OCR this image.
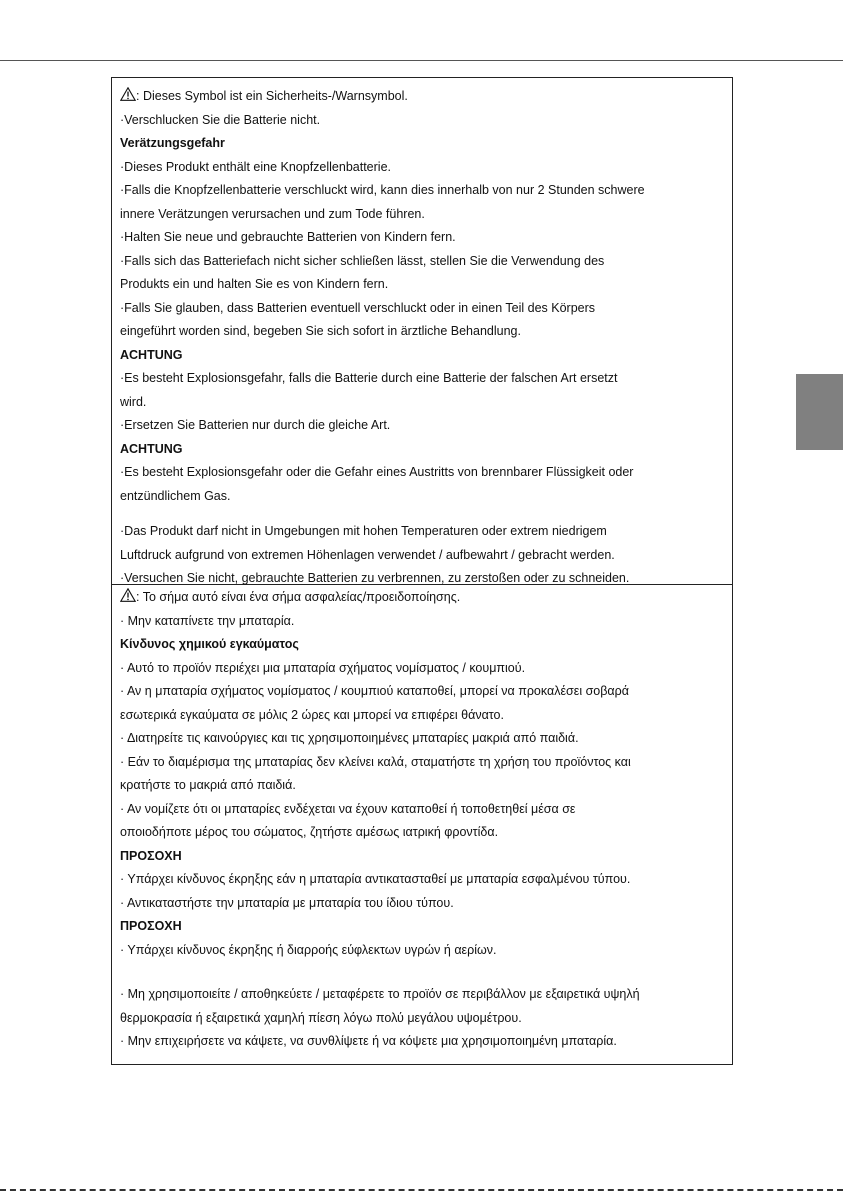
: Dieses Symbol ist ein Sicherheits-/Warnsymbol.
·Verschlucken Sie die Batterie nicht.
Verätzungsgefahr
·Dieses Produkt enthält eine Knopfzellenbatterie.
·Falls die Knopfzellenbatterie verschluckt wird, kann dies innerhalb von nur 2 Stunden schwere
innere Verätzungen verursachen und zum Tode führen.
·Halten Sie neue und gebrauchte Batterien von Kindern fern.
·Falls sich das Batteriefach nicht sicher schließen lässt, stellen Sie die Verwendung des
Produkts ein und halten Sie es von Kindern fern.
·Falls Sie glauben, dass Batterien eventuell verschluckt oder in einen Teil des Körpers
eingeführt worden sind, begeben Sie sich sofort in ärztliche Behandlung.
ACHTUNG
·Es besteht Explosionsgefahr, falls die Batterie durch eine Batterie der falschen Art ersetzt
wird.
·Ersetzen Sie Batterien nur durch die gleiche Art.
ACHTUNG
·Es besteht Explosionsgefahr oder die Gefahr eines Austritts von brennbarer Flüssigkeit oder
entzündlichem Gas.
·Das Produkt darf nicht in Umgebungen mit hohen Temperaturen oder extrem niedrigem
Luftdruck aufgrund von extremen Höhenlagen verwendet / aufbewahrt / gebracht werden.
·Versuchen Sie nicht, gebrauchte Batterien zu verbrennen, zu zerstoßen oder zu schneiden.
: Το σήμα αυτό είναι ένα σήμα ασφαλείας/προειδοποίησης.
· Μην καταπίνετε την μπαταρία.
Κίνδυνος χημικού εγκαύματος
· Αυτό το προϊόν περιέχει μια μπαταρία σχήματος νομίσματος / κουμπιού.
· Αν η μπαταρία σχήματος νομίσματος / κουμπιού καταποθεί, μπορεί να προκαλέσει σοβαρά
εσωτερικά εγκαύματα σε μόλις 2 ώρες και μπορεί να επιφέρει θάνατο.
· Διατηρείτε τις καινούργιες και τις χρησιμοποιημένες μπαταρίες μακριά από παιδιά.
· Εάν το διαμέρισμα της μπαταρίας δεν κλείνει καλά, σταματήστε τη χρήση του προϊόντος και
κρατήστε το μακριά από παιδιά.
· Αν νομίζετε ότι οι μπαταρίες ενδέχεται να έχουν καταποθεί ή τοποθετηθεί μέσα σε
οποιοδήποτε μέρος του σώματος, ζητήστε αμέσως ιατρική φροντίδα.
ΠΡΟΣΟΧΗ
· Υπάρχει κίνδυνος έκρηξης εάν η μπαταρία αντικατασταθεί με μπαταρία εσφαλμένου τύπου.
· Αντικαταστήστε την μπαταρία με μπαταρία του ίδιου τύπου.
ΠΡΟΣΟΧΗ
· Υπάρχει κίνδυνος έκρηξης ή διαρροής εύφλεκτων υγρών ή αερίων.
· Μη χρησιμοποιείτε / αποθηκεύετε / μεταφέρετε το προϊόν σε περιβάλλον με εξαιρετικά υψηλή
θερμοκρασία ή εξαιρετικά χαμηλή πίεση λόγω πολύ μεγάλου υψομέτρου.
· Μην επιχειρήσετε να κάψετε, να συνθλίψετε ή να κόψετε μια χρησιμοποιημένη μπαταρία.
